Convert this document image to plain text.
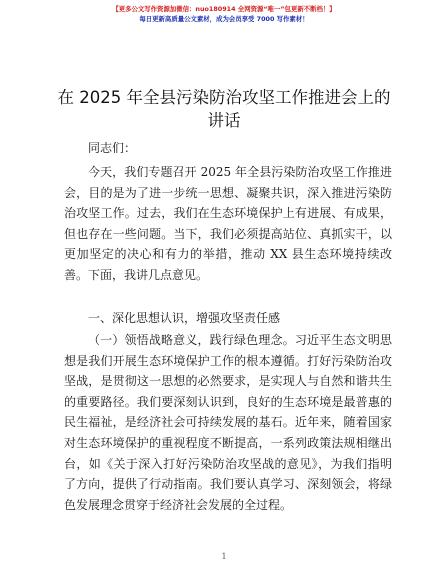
【更多公文写作资源加微信：nuo180914 全网资源“唯一”包更新不断档！】
每日更新高质量公文素材，成为会员享受 7000 写作素材！
在 2025 年全县污染防治攻坚工作推进会上的讲话
同志们：
今天，我们专题召开 2025 年全县污染防治攻坚工作推进会，目的是为了进一步统一思想、凝聚共识，深入推进污染防治攻坚工作。过去，我们在生态环境保护上有进展、有成果，但也存在一些问题。当下，我们必须提高站位、真抓实干，以更加坚定的决心和有力的举措，推动 XX 县生态环境持续改善。下面，我讲几点意见。
一、深化思想认识，增强攻坚责任感
（一）领悟战略意义，践行绿色理念。习近平生态文明思想是我们开展生态环境保护工作的根本遵循。打好污染防治攻坚战，是贯彻这一思想的必然要求，是实现人与自然和谐共生的重要路径。我们要深刻认识到，良好的生态环境是最普惠的民生福祉，是经济社会可持续发展的基石。近年来，随着国家对生态环境保护的重视程度不断提高，一系列政策法规相继出台，如《关于深入打好污染防治攻坚战的意见》，为我们指明了方向，提供了行动指南。我们要认真学习、深刻领会，将绿色发展理念贯穿于经济社会发展的全过程。
1
